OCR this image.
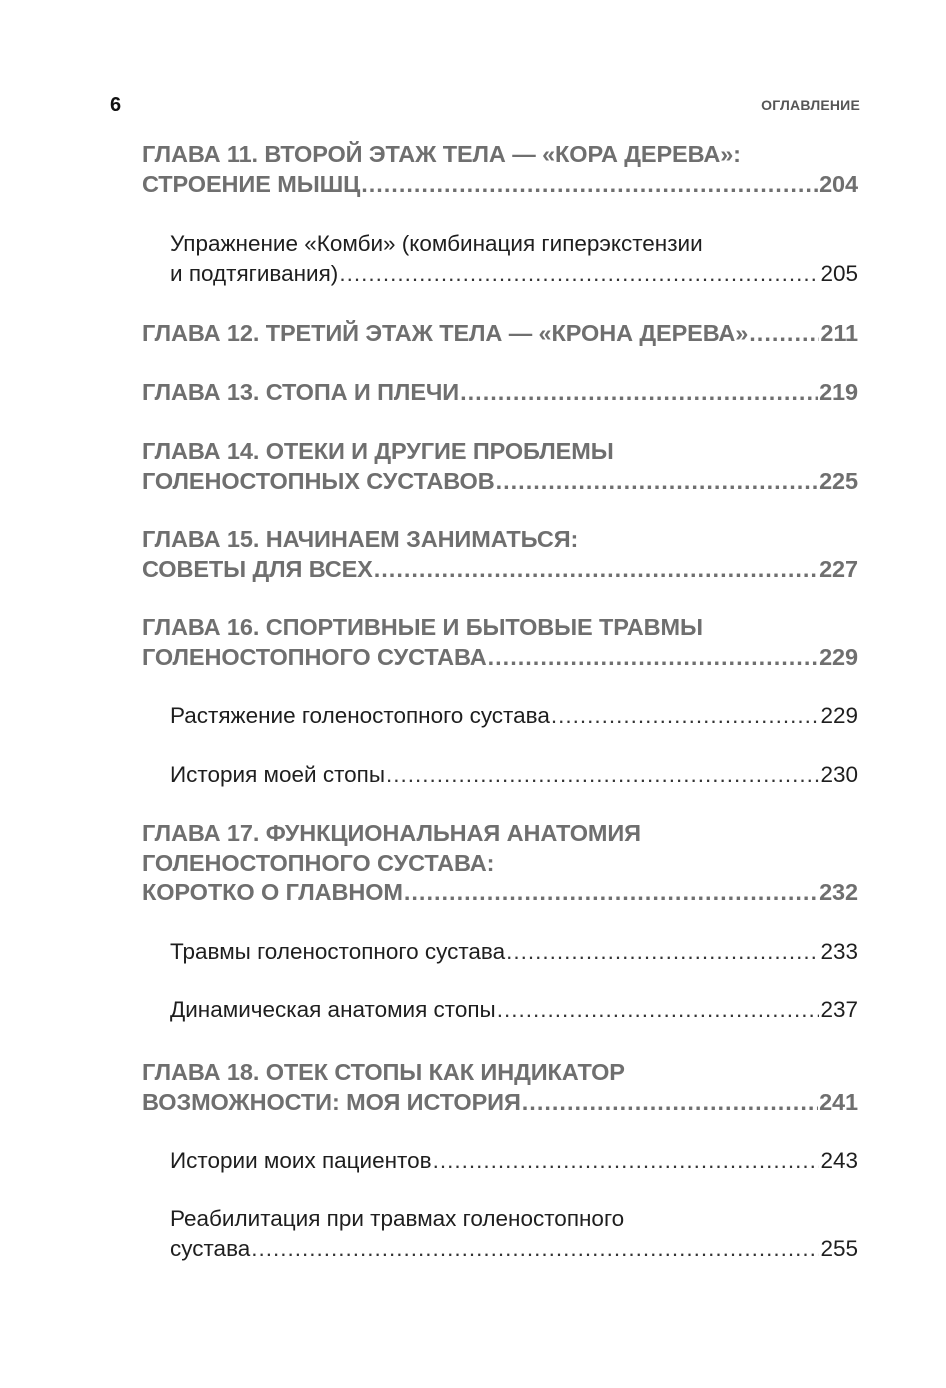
6	ОГЛАВЛЕНИЕ
ГЛАВА 11. ВТОРОЙ ЭТАЖ ТЕЛА — «КОРА ДЕРЕВА»:
СТРОЕНИЕ МЫШЦ .....	204
Упражнение «Комби» (комбинация гиперэкстензии
и подтягивания) .....	205
ГЛАВА 12. ТРЕТИЙ ЭТАЖ ТЕЛА — «КРОНА ДЕРЕВА» .....	211
ГЛАВА 13. СТОПА И ПЛЕЧИ .....	219
ГЛАВА 14. ОТЕКИ И ДРУГИЕ ПРОБЛЕМЫ
ГОЛЕНОСТОПНЫХ СУСТАВОВ .....	225
ГЛАВА 15. НАЧИНАЕМ ЗАНИМАТЬСЯ:
СОВЕТЫ ДЛЯ ВСЕХ .....	227
ГЛАВА 16. СПОРТИВНЫЕ И БЫТОВЫЕ ТРАВМЫ
ГОЛЕНОСТОПНОГО СУСТАВА .....	229
Растяжение голеностопного сустава .....	229
История моей стопы .....	230
ГЛАВА 17. ФУНКЦИОНАЛЬНАЯ АНАТОМИЯ
ГОЛЕНОСТОПНОГО СУСТАВА:
КОРОТКО О ГЛАВНОМ .....	232
Травмы голеностопного сустава .....	233
Динамическая анатомия стопы .....	237
ГЛАВА 18. ОТЕК СТОПЫ КАК ИНДИКАТОР
ВОЗМОЖНОСТИ: МОЯ ИСТОРИЯ .....	241
Истории моих пациентов .....	243
Реабилитация при травмах голеностопного
сустава .....	255
